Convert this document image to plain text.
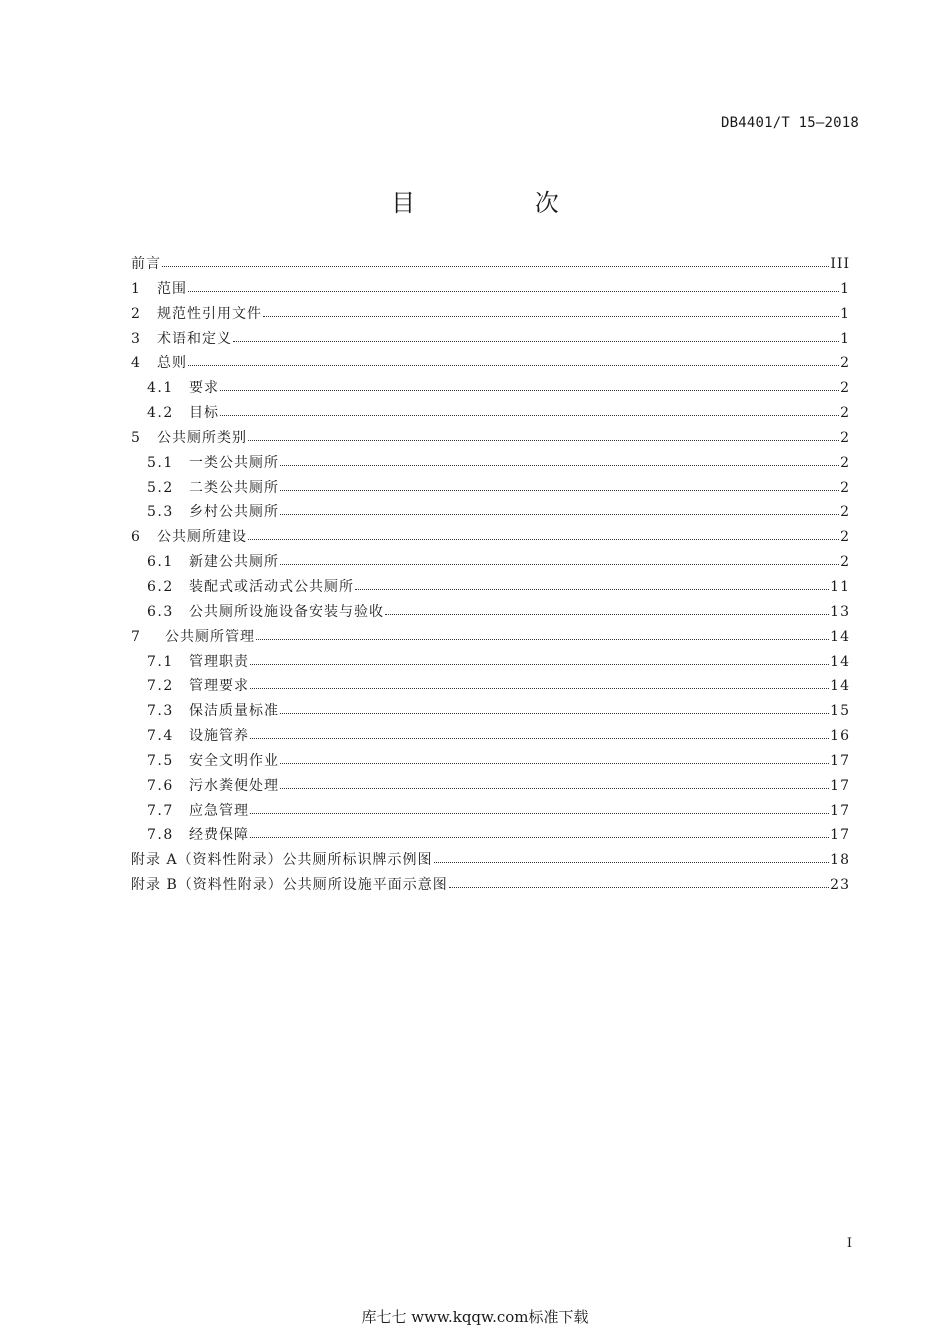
DB4401/T 15—2018
目 次
前言	III
1	范围	1
2	规范性引用文件	1
3	术语和定义	1
4	总则	2
4.1	要求	2
4.2	目标	2
5	公共厕所类别	2
5.1	一类公共厕所	2
5.2	二类公共厕所	2
5.3	乡村公共厕所	2
6	公共厕所建设	2
6.1	新建公共厕所	2
6.2	装配式或活动式公共厕所	11
6.3	公共厕所设施设备安装与验收	13
7	公共厕所管理	14
7.1	管理职责	14
7.2	管理要求	14
7.3	保洁质量标准	15
7.4	设施管养	16
7.5	安全文明作业	17
7.6	污水粪便处理	17
7.7	应急管理	17
7.8	经费保障	17
附录 A（资料性附录）公共厕所标识牌示例图	18
附录 B（资料性附录）公共厕所设施平面示意图	23
I
库七七 www.kqqw.com标准下载
